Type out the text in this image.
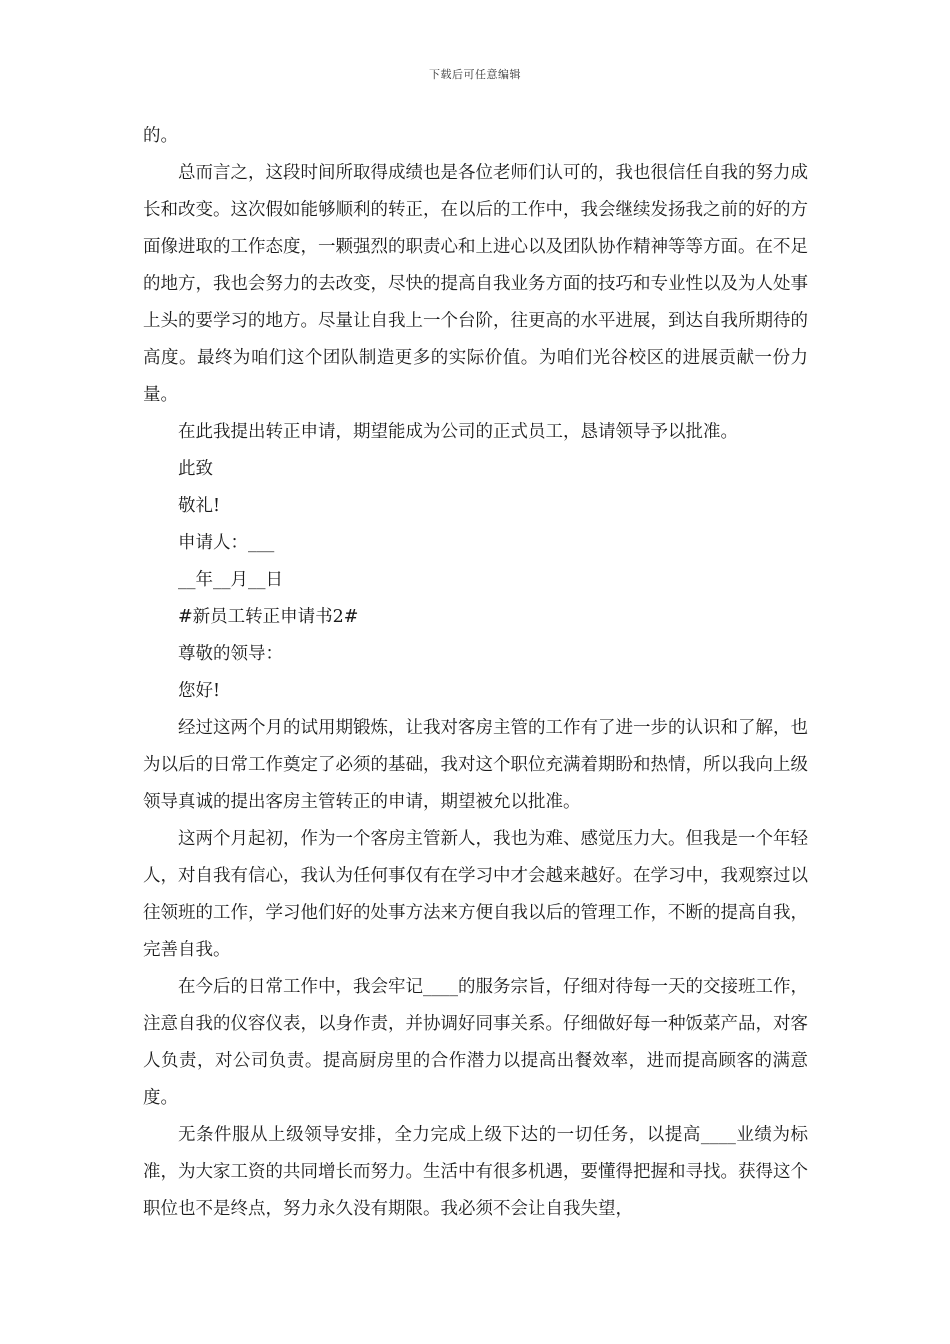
下载后可任意编辑

的。

总而言之，这段时间所取得成绩也是各位老师们认可的，我也很信任自我的努力成长和改变。这次假如能够顺利的转正，在以后的工作中，我会继续发扬我之前的好的方面像进取的工作态度，一颗强烈的职责心和上进心以及团队协作精神等等方面。在不足的地方，我也会努力的去改变，尽快的提高自我业务方面的技巧和专业性以及为人处事上头的要学习的地方。尽量让自我上一个台阶，往更高的水平进展，到达自我所期待的高度。最终为咱们这个团队制造更多的实际价值。为咱们光谷校区的进展贡献一份力量。

在此我提出转正申请，期望能成为公司的正式员工，恳请领导予以批准。

此致

敬礼!

申请人：___

__年__月__日

#新员工转正申请书2#

尊敬的领导：

您好!

经过这两个月的试用期锻炼，让我对客房主管的工作有了进一步的认识和了解，也为以后的日常工作奠定了必须的基础，我对这个职位充满着期盼和热情，所以我向上级领导真诚的提出客房主管转正的申请，期望被允以批准。

这两个月起初，作为一个客房主管新人，我也为难、感觉压力大。但我是一个年轻人，对自我有信心，我认为任何事仅有在学习中才会越来越好。在学习中，我观察过以往领班的工作，学习他们好的处事方法来方便自我以后的管理工作，不断的提高自我，完善自我。

在今后的日常工作中，我会牢记____的服务宗旨，仔细对待每一天的交接班工作，注意自我的仪容仪表，以身作责，并协调好同事关系。仔细做好每一种饭菜产品，对客人负责，对公司负责。提高厨房里的合作潜力以提高出餐效率，进而提高顾客的满意度。

无条件服从上级领导安排，全力完成上级下达的一切任务，以提高____业绩为标准，为大家工资的共同增长而努力。生活中有很多机遇，要懂得把握和寻找。获得这个职位也不是终点，努力永久没有期限。我必须不会让自我失望，
